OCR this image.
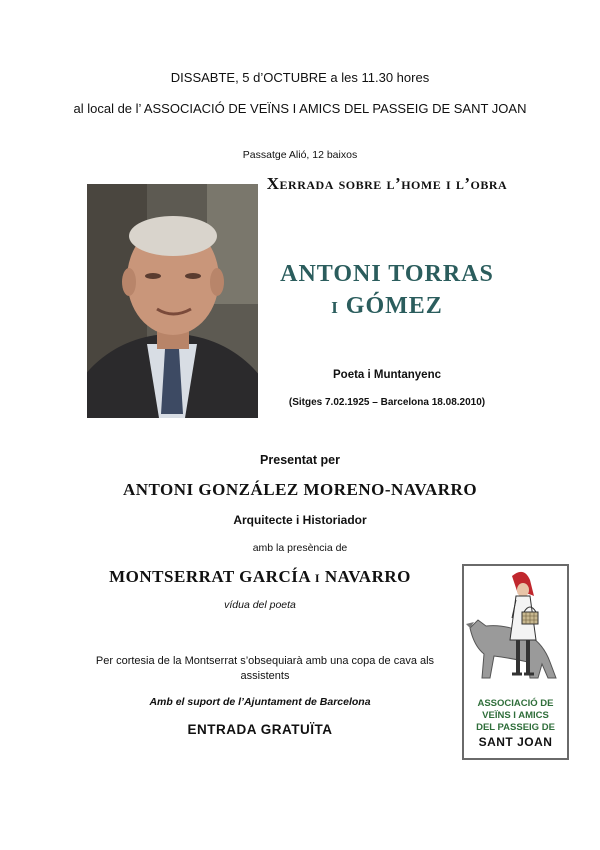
DISSABTE, 5 d’OCTUBRE a les 11.30 hores
al local de l’ ASSOCIACIÓ DE VEÏNS I AMICS DEL PASSEIG DE SANT JOAN
Passatge Alió, 12 baixos
Xerrada sobre l’home i l’obra
ANTONI TORRAS
i GÓMEZ
Poeta i Muntanyenc
(Sitges 7.02.1925 – Barcelona 18.08.2010)
Presentat per
ANTONI GONZÁLEZ MORENO-NAVARRO
Arquitecte i Historiador
amb la presència de
MONTSERRAT GARCÍA i NAVARRO
vídua del poeta
Per cortesia de la Montserrat s’obsequiarà amb una copa de cava als assistents
Amb el suport de l’Ajuntament de Barcelona
ENTRADA GRATUÏTA
ASSOCIACIÓ DE
VEÏNS I AMICS
DEL PASSEIG DE
SANT JOAN
